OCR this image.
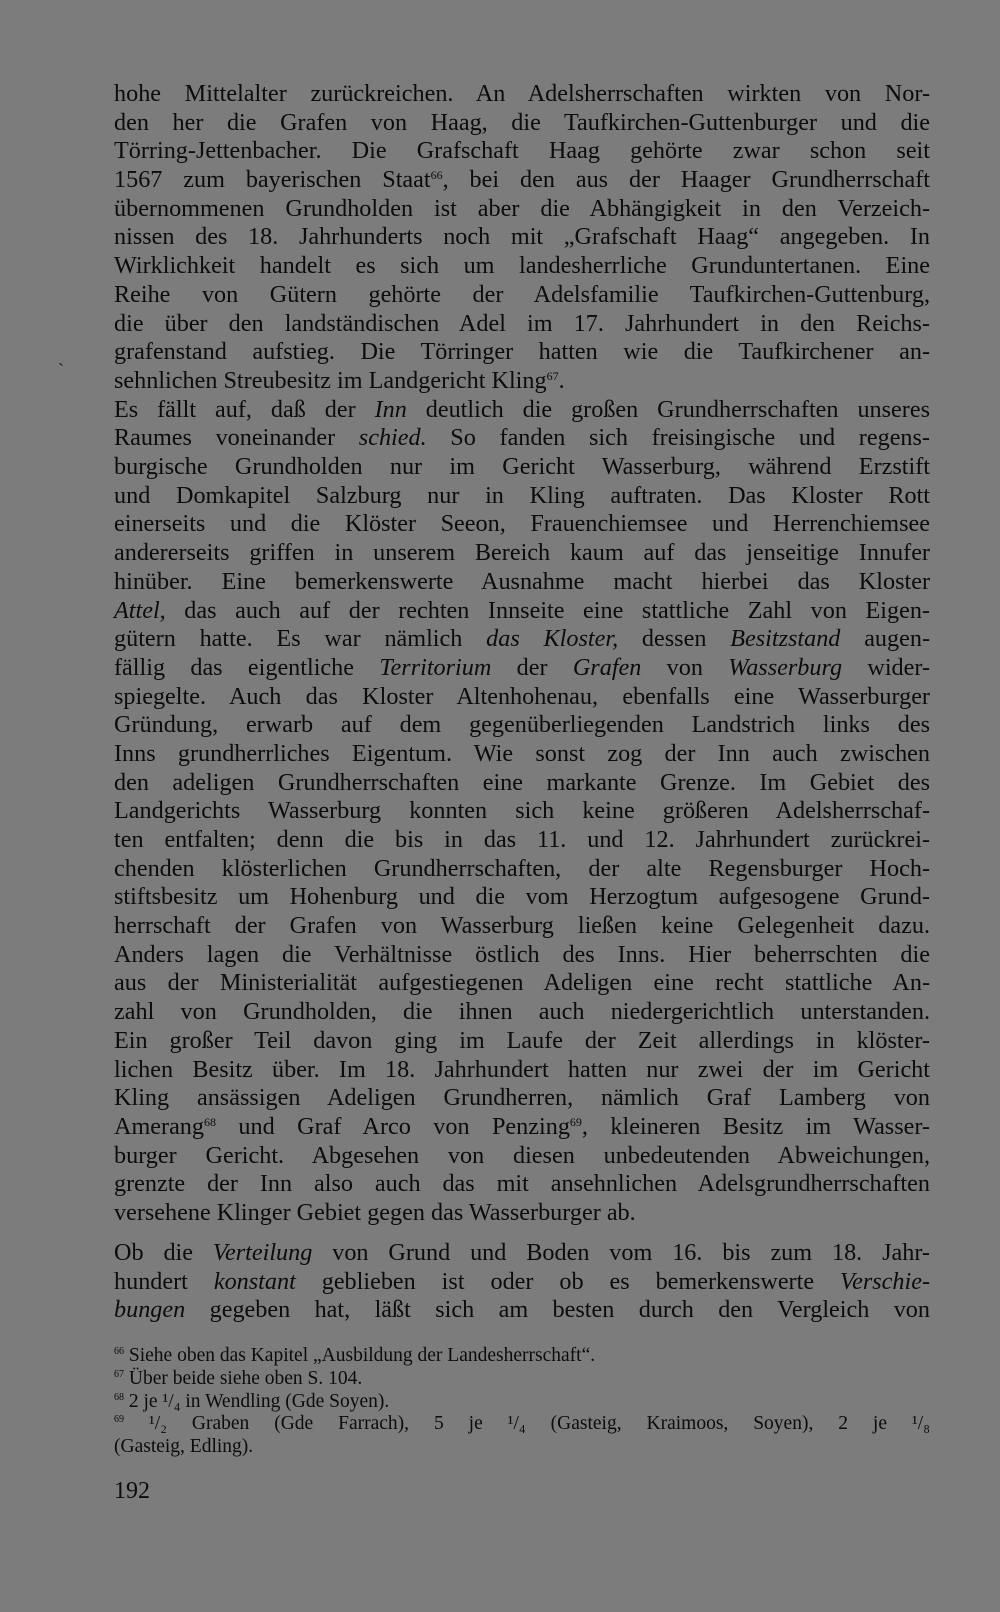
ˎ
hohe Mittelalter zurückreichen. An Adelsherrschaften wirkten von Nor-
den her die Grafen von Haag, die Taufkirchen-Guttenburger und die
Törring-Jettenbacher. Die Grafschaft Haag gehörte zwar schon seit
1567 zum bayerischen Staat$^{66}$, bei den aus der Haager Grundherrschaft
übernommenen Grundholden ist aber die Abhängigkeit in den Verzeich-
nissen des 18. Jahrhunderts noch mit „Grafschaft Haag“ angegeben. In
Wirklichkeit handelt es sich um landesherrliche Grunduntertanen. Eine
Reihe von Gütern gehörte der Adelsfamilie Taufkirchen-Guttenburg,
die über den landständischen Adel im 17. Jahrhundert in den Reichs-
grafenstand aufstieg. Die Törringer hatten wie die Taufkirchener an-
sehnlichen Streubesitz im Landgericht Kling$^{67}$.
Es fällt auf, daß der Inn deutlich die großen Grundherrschaften unseres
Raumes voneinander schied. So fanden sich freisingische und regens-
burgische Grundholden nur im Gericht Wasserburg, während Erzstift
und Domkapitel Salzburg nur in Kling auftraten. Das Kloster Rott
einerseits und die Klöster Seeon, Frauenchiemsee und Herrenchiemsee
andererseits griffen in unserem Bereich kaum auf das jenseitige Innufer
hinüber. Eine bemerkenswerte Ausnahme macht hierbei das Kloster
Attel, das auch auf der rechten Innseite eine stattliche Zahl von Eigen-
gütern hatte. Es war nämlich das Kloster, dessen Besitzstand augen-
fällig das eigentliche Territorium der Grafen von Wasserburg wider-
spiegelte. Auch das Kloster Altenhohenau, ebenfalls eine Wasserburger
Gründung, erwarb auf dem gegenüberliegenden Landstrich links des
Inns grundherrliches Eigentum. Wie sonst zog der Inn auch zwischen
den adeligen Grundherrschaften eine markante Grenze. Im Gebiet des
Landgerichts Wasserburg konnten sich keine größeren Adelsherrschaf-
ten entfalten; denn die bis in das 11. und 12. Jahrhundert zurückrei-
chenden klösterlichen Grundherrschaften, der alte Regensburger Hoch-
stiftsbesitz um Hohenburg und die vom Herzogtum aufgesogene Grund-
herrschaft der Grafen von Wasserburg ließen keine Gelegenheit dazu.
Anders lagen die Verhältnisse östlich des Inns. Hier beherrschten die
aus der Ministerialität aufgestiegenen Adeligen eine recht stattliche An-
zahl von Grundholden, die ihnen auch niedergerichtlich unterstanden.
Ein großer Teil davon ging im Laufe der Zeit allerdings in klöster-
lichen Besitz über. Im 18. Jahrhundert hatten nur zwei der im Gericht
Kling ansässigen Adeligen Grundherren, nämlich Graf Lamberg von
Amerang$^{68}$ und Graf Arco von Penzing$^{69}$, kleineren Besitz im Wasser-
burger Gericht. Abgesehen von diesen unbedeutenden Abweichungen,
grenzte der Inn also auch das mit ansehnlichen Adelsgrundherrschaften
versehene Klinger Gebiet gegen das Wasserburger ab.
Ob die Verteilung von Grund und Boden vom 16. bis zum 18. Jahr-
hundert konstant geblieben ist oder ob es bemerkenswerte Verschie-
bungen gegeben hat, läßt sich am besten durch den Vergleich von
$^{66}$ Siehe oben das Kapitel „Ausbildung der Landesherrschaft“.
$^{67}$ Über beide siehe oben S. 104.
$^{68}$ 2 je ¹/₄ in Wendling (Gde Soyen).
$^{69}$ ¹/₂ Graben (Gde Farrach), 5 je ¹/₄ (Gasteig, Kraimoos, Soyen), 2 je ¹/₈
(Gasteig, Edling).
192
